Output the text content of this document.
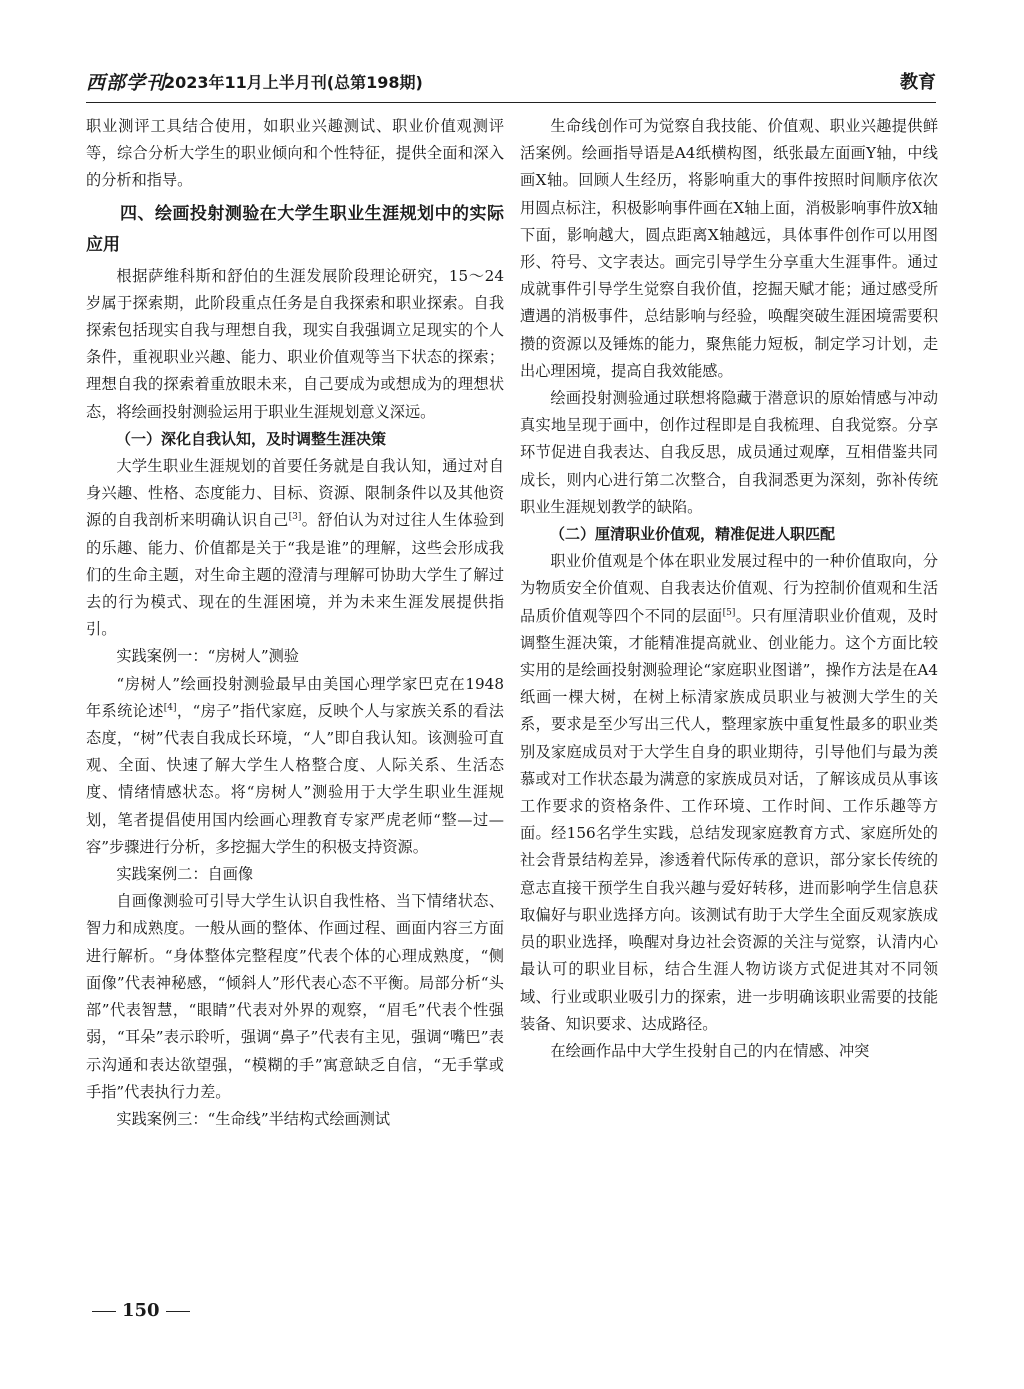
西部学刊
2023年11月上半月刊(总第198期)	教育

职业测评工具结合使用，如职业兴趣测试、职业价值观测评等，综合分析大学生的职业倾向和个性特征，提供全面和深入的分析和指导。

四、绘画投射测验在大学生职业生涯规划中的实际应用

根据萨维科斯和舒伯的生涯发展阶段理论研究，15～24岁属于探索期，此阶段重点任务是自我探索和职业探索。自我探索包括现实自我与理想自我，现实自我强调立足现实的个人条件，重视职业兴趣、能力、职业价值观等当下状态的探索；理想自我的探索着重放眼未来，自己要成为或想成为的理想状态，将绘画投射测验运用于职业生涯规划意义深远。

（一）深化自我认知，及时调整生涯决策

大学生职业生涯规划的首要任务就是自我认知，通过对自身兴趣、性格、态度能力、目标、资源、限制条件以及其他资源的自我剖析来明确认识自己[3]。舒伯认为对过往人生体验到的乐趣、能力、价值都是关于“我是谁”的理解，这些会形成我们的生命主题，对生命主题的澄清与理解可协助大学生了解过去的行为模式、现在的生涯困境，并为未来生涯发展提供指引。

实践案例一：“房树人”测验

“房树人”绘画投射测验最早由美国心理学家巴克在1948年系统论述[4]，“房子”指代家庭，反映个人与家族关系的看法态度，“树”代表自我成长环境，“人”即自我认知。该测验可直观、全面、快速了解大学生人格整合度、人际关系、生活态度、情绪情感状态。将“房树人”测验用于大学生职业生涯规划，笔者提倡使用国内绘画心理教育专家严虎老师“整—过—容”步骤进行分析，多挖掘大学生的积极支持资源。

实践案例二：自画像

自画像测验可引导大学生认识自我性格、当下情绪状态、智力和成熟度。一般从画的整体、作画过程、画面内容三方面进行解析。“身体整体完整程度”代表个体的心理成熟度，“侧面像”代表神秘感，“倾斜人”形代表心态不平衡。局部分析“头部”代表智慧，“眼睛”代表对外界的观察，“眉毛”代表个性强弱，“耳朵”表示聆听，强调“鼻子”代表有主见，强调“嘴巴”表示沟通和表达欲望强，“模糊的手”寓意缺乏自信，“无手掌或手指”代表执行力差。

实践案例三：“生命线”半结构式绘画测试

生命线创作可为觉察自我技能、价值观、职业兴趣提供鲜活案例。绘画指导语是A4纸横构图，纸张最左面画Y轴，中线画X轴。回顾人生经历，将影响重大的事件按照时间顺序依次用圆点标注，积极影响事件画在X轴上面，消极影响事件放X轴下面，影响越大，圆点距离X轴越远，具体事件创作可以用图形、符号、文字表达。画完引导学生分享重大生涯事件。通过成就事件引导学生觉察自我价值，挖掘天赋才能；通过感受所遭遇的消极事件，总结影响与经验，唤醒突破生涯困境需要积攒的资源以及锤炼的能力，聚焦能力短板，制定学习计划，走出心理困境，提高自我效能感。

绘画投射测验通过联想将隐藏于潜意识的原始情感与冲动真实地呈现于画中，创作过程即是自我梳理、自我觉察。分享环节促进自我表达、自我反思，成员通过观摩，互相借鉴共同成长，则内心进行第二次整合，自我洞悉更为深刻，弥补传统职业生涯规划教学的缺陷。

（二）厘清职业价值观，精准促进人职匹配

职业价值观是个体在职业发展过程中的一种价值取向，分为物质安全价值观、自我表达价值观、行为控制价值观和生活品质价值观等四个不同的层面[5]。只有厘清职业价值观，及时调整生涯决策，才能精准提高就业、创业能力。这个方面比较实用的是绘画投射测验理论“家庭职业图谱”，操作方法是在A4纸画一棵大树，在树上标清家族成员职业与被测大学生的关系，要求是至少写出三代人，整理家族中重复性最多的职业类别及家庭成员对于大学生自身的职业期待，引导他们与最为羡慕或对工作状态最为满意的家族成员对话，了解该成员从事该工作要求的资格条件、工作环境、工作时间、工作乐趣等方面。经156名学生实践，总结发现家庭教育方式、家庭所处的社会背景结构差异，渗透着代际传承的意识，部分家长传统的意志直接干预学生自我兴趣与爱好转移，进而影响学生信息获取偏好与职业选择方向。该测试有助于大学生全面反观家族成员的职业选择，唤醒对身边社会资源的关注与觉察，认清内心最认可的职业目标，结合生涯人物访谈方式促进其对不同领域、行业或职业吸引力的探索，进一步明确该职业需要的技能装备、知识要求、达成路径。

在绘画作品中大学生投射自己的内在情感、冲突

150
